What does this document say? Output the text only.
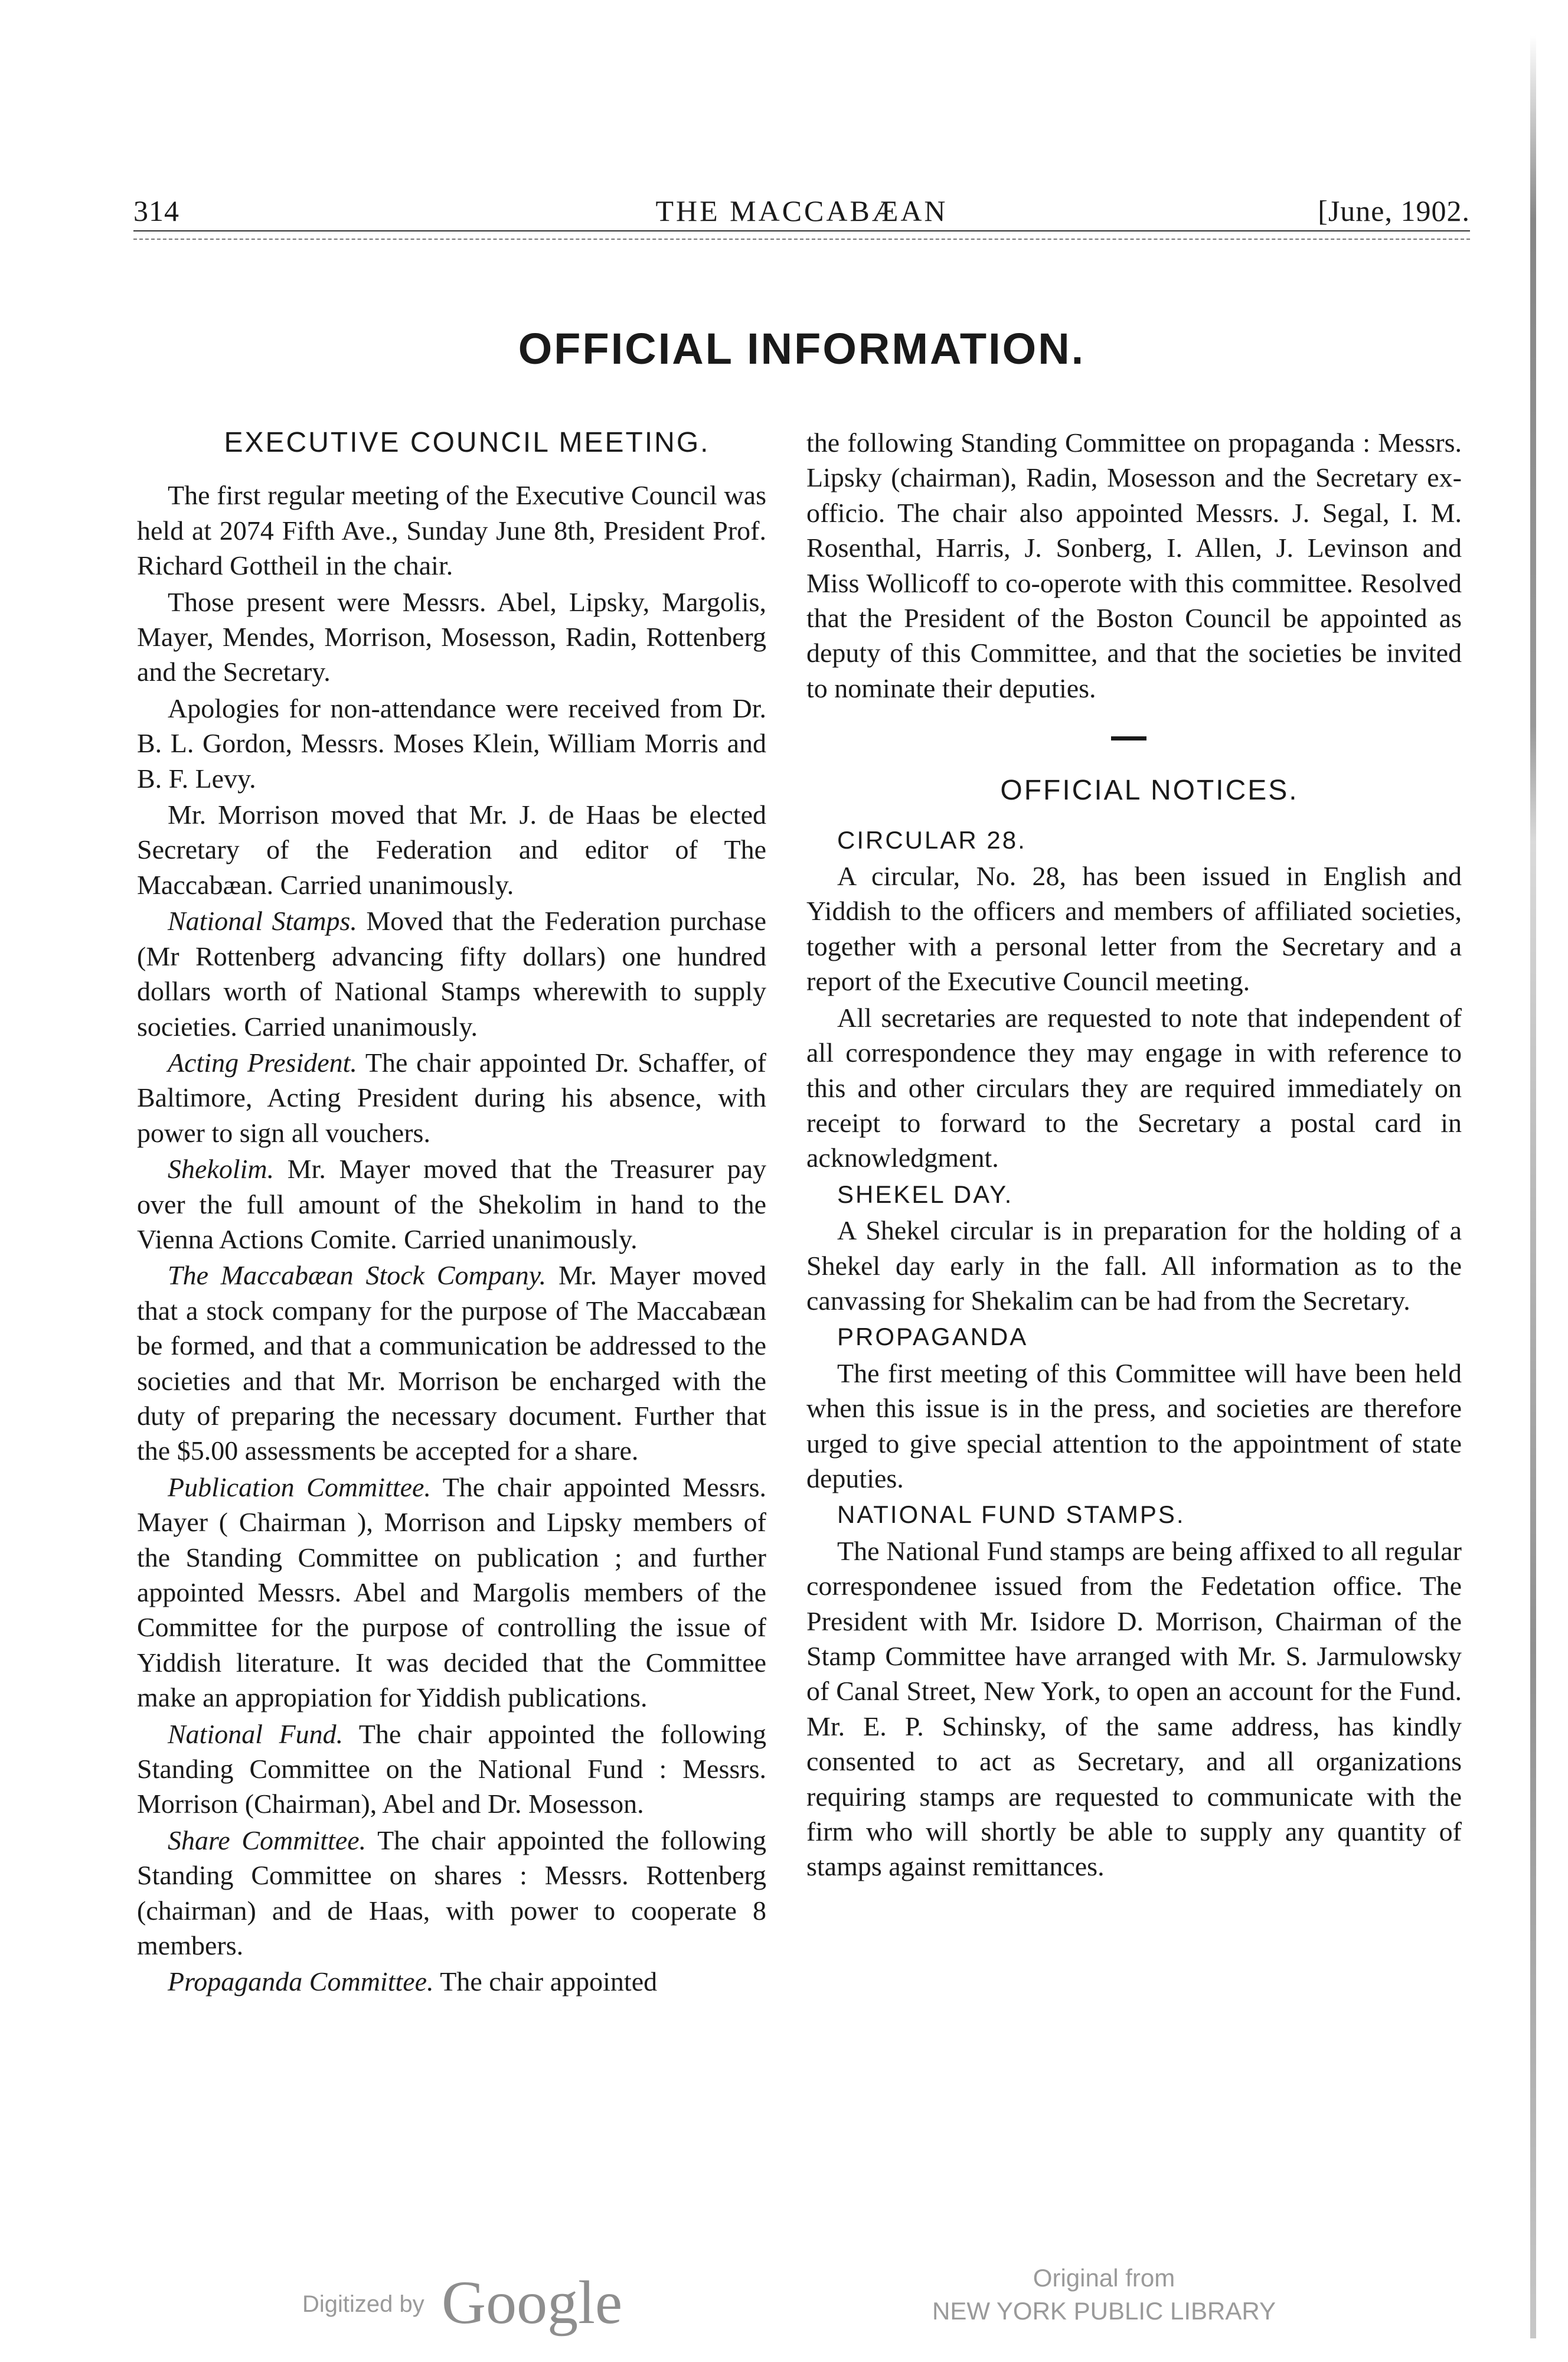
314	THE MACCABÆAN	[June, 1902.
OFFICIAL INFORMATION.

EXECUTIVE COUNCIL MEETING.

The first regular meeting of the Executive Council was held at 2074 Fifth Ave., Sunday June 8th, President Prof. Richard Gottheil in the chair.

Those present were Messrs. Abel, Lipsky, Margolis, Mayer, Mendes, Morrison, Mosesson, Radin, Rottenberg and the Secretary.

Apologies for non-attendance were received from Dr. B. L. Gordon, Messrs. Moses Klein, William Morris and B. F. Levy.

Mr. Morrison moved that Mr. J. de Haas be elected Secretary of the Federation and editor of The Maccabæan. Carried unanimously.

National Stamps. Moved that the Federation purchase (Mr Rottenberg advancing fifty dollars) one hundred dollars worth of National Stamps wherewith to supply societies. Carried unanimously.

Acting President. The chair appointed Dr. Schaffer, of Baltimore, Acting President during his absence, with power to sign all vouchers.

Shekolim. Mr. Mayer moved that the Treasurer pay over the full amount of the Shekolim in hand to the Vienna Actions Comite. Carried unanimously.

The Maccabæan Stock Company. Mr. Mayer moved that a stock company for the purpose of The Maccabæan be formed, and that a communication be addressed to the societies and that Mr. Morrison be encharged with the duty of preparing the necessary document. Further that the $5.00 assessments be accepted for a share.

Publication Committee. The chair appointed Messrs. Mayer ( Chairman ), Morrison and Lipsky members of the Standing Committee on publication ; and further appointed Messrs. Abel and Margolis members of the Committee for the purpose of controlling the issue of Yiddish literature. It was decided that the Committee make an appropiation for Yiddish publications.

National Fund. The chair appointed the following Standing Committee on the National Fund : Messrs. Morrison (Chairman), Abel and Dr. Mosesson.

Share Committee. The chair appointed the following Standing Committee on shares : Messrs. Rottenberg (chairman) and de Haas, with power to cooperate 8 members.

Propaganda Committee. The chair appointed

the following Standing Committee on propaganda : Messrs. Lipsky (chairman), Radin, Mosesson and the Secretary ex-officio. The chair also appointed Messrs. J. Segal, I. M. Rosenthal, Harris, J. Sonberg, I. Allen, J. Levinson and Miss Wollicoff to co-operote with this committee. Resolved that the President of the Boston Council be appointed as deputy of this Committee, and that the societies be invited to nominate their deputies.

OFFICIAL NOTICES.

CIRCULAR 28.

A circular, No. 28, has been issued in English and Yiddish to the officers and members of affiliated societies, together with a personal letter from the Secretary and a report of the Executive Council meeting.

All secretaries are requested to note that independent of all correspondence they may engage in with reference to this and other circulars they are required immediately on receipt to forward to the Secretary a postal card in acknowledgment.

SHEKEL DAY.

A Shekel circular is in preparation for the holding of a Shekel day early in the fall. All information as to the canvassing for Shekalim can be had from the Secretary.

PROPAGANDA

The first meeting of this Committee will have been held when this issue is in the press, and societies are therefore urged to give special attention to the appointment of state deputies.

NATIONAL FUND STAMPS.

The National Fund stamps are being affixed to all regular correspondenee issued from the Fedetation office. The President with Mr. Isidore D. Morrison, Chairman of the Stamp Committee have arranged with Mr. S. Jarmulowsky of Canal Street, New York, to open an account for the Fund. Mr. E. P. Schinsky, of the same address, has kindly consented to act as Secretary, and all organizations requiring stamps are requested to communicate with the firm who will shortly be able to supply any quantity of stamps against remittances.

Digitized by Google	Original from
NEW YORK PUBLIC LIBRARY
